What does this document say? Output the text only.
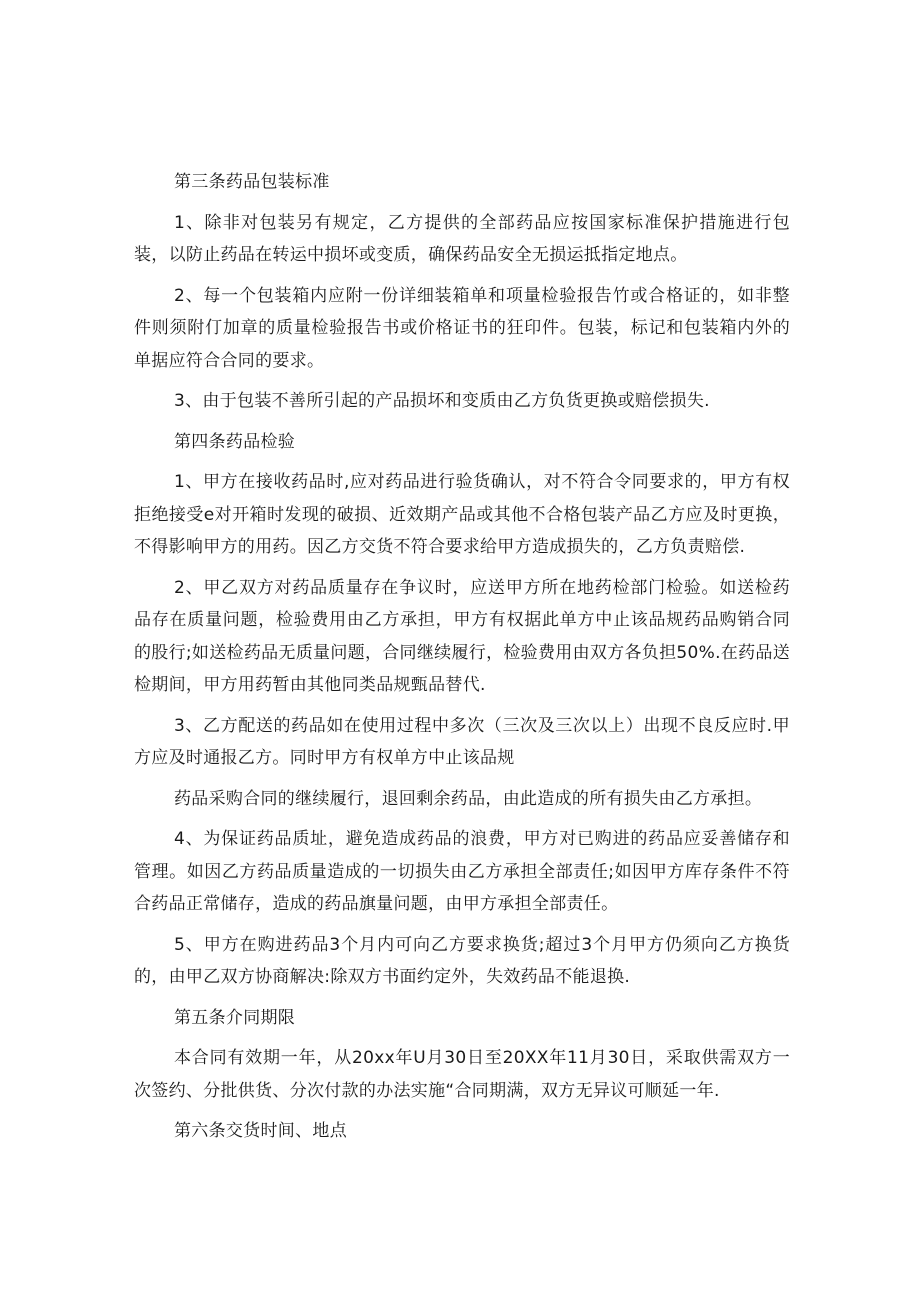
第三条药品包装标准

1、除非对包装另有规定，乙方提供的全部药品应按国家标准保护措施进行包装，以防止药品在转运中损坏或变质，确保药品安全无损运抵指定地点。

2、每一个包装箱内应附一份详细装箱单和项量检验报告竹或合格证的，如非整件则须附仃加章的质量检验报告书或价格证书的狂印件。包装，标记和包装箱内外的单据应符合合同的要求。

3、由于包装不善所引起的产品损坏和变质由乙方负货更换或赔偿损失.

第四条药品检验

1、甲方在接收药品时,应对药品进行验货确认，对不符合令同要求的，甲方有权拒绝接受e对开箱时发现的破损、近效期产品或其他不合格包装产品乙方应及时更换，不得影响甲方的用药。因乙方交货不符合要求给甲方造成损失的，乙方负责赔偿.

2、甲乙双方对药品质量存在争议时，应送甲方所在地药检部门检验。如送检药品存在质量问题，检验费用由乙方承担，甲方有权据此单方中止该品规药品购销合同的股行;如送检药品无质量问题，合同继续履行，检验费用由双方各负担50%.在药品送检期间，甲方用药暂由其他同类品规甄品替代.

3、乙方配送的药品如在使用过程中多次（三次及三次以上）出现不良反应时.甲方应及时通报乙方。同时甲方有权单方中止该品规

药品采购合同的继续履行，退回剩余药品，由此造成的所有损失由乙方承担。

4、为保证药品质址，避免造成药品的浪费，甲方对已购进的药品应妥善储存和管理。如因乙方药品质量造成的一切损失由乙方承担全部责任;如因甲方库存条件不符合药品正常储存，造成的药品旗量问题，由甲方承担全部责任。

5、甲方在购进药品3个月内可向乙方要求换货;超过3个月甲方仍须向乙方换货的，由甲乙双方协商解决:除双方书面约定外，失效药品不能退换.

第五条介同期限

本合同有效期一年，从20xx年U月30日至20XX年11月30日，采取供需双方一次签约、分批供货、分次付款的办法实施“合同期满，双方无异议可顺延一年.

第六条交货时间、地点
